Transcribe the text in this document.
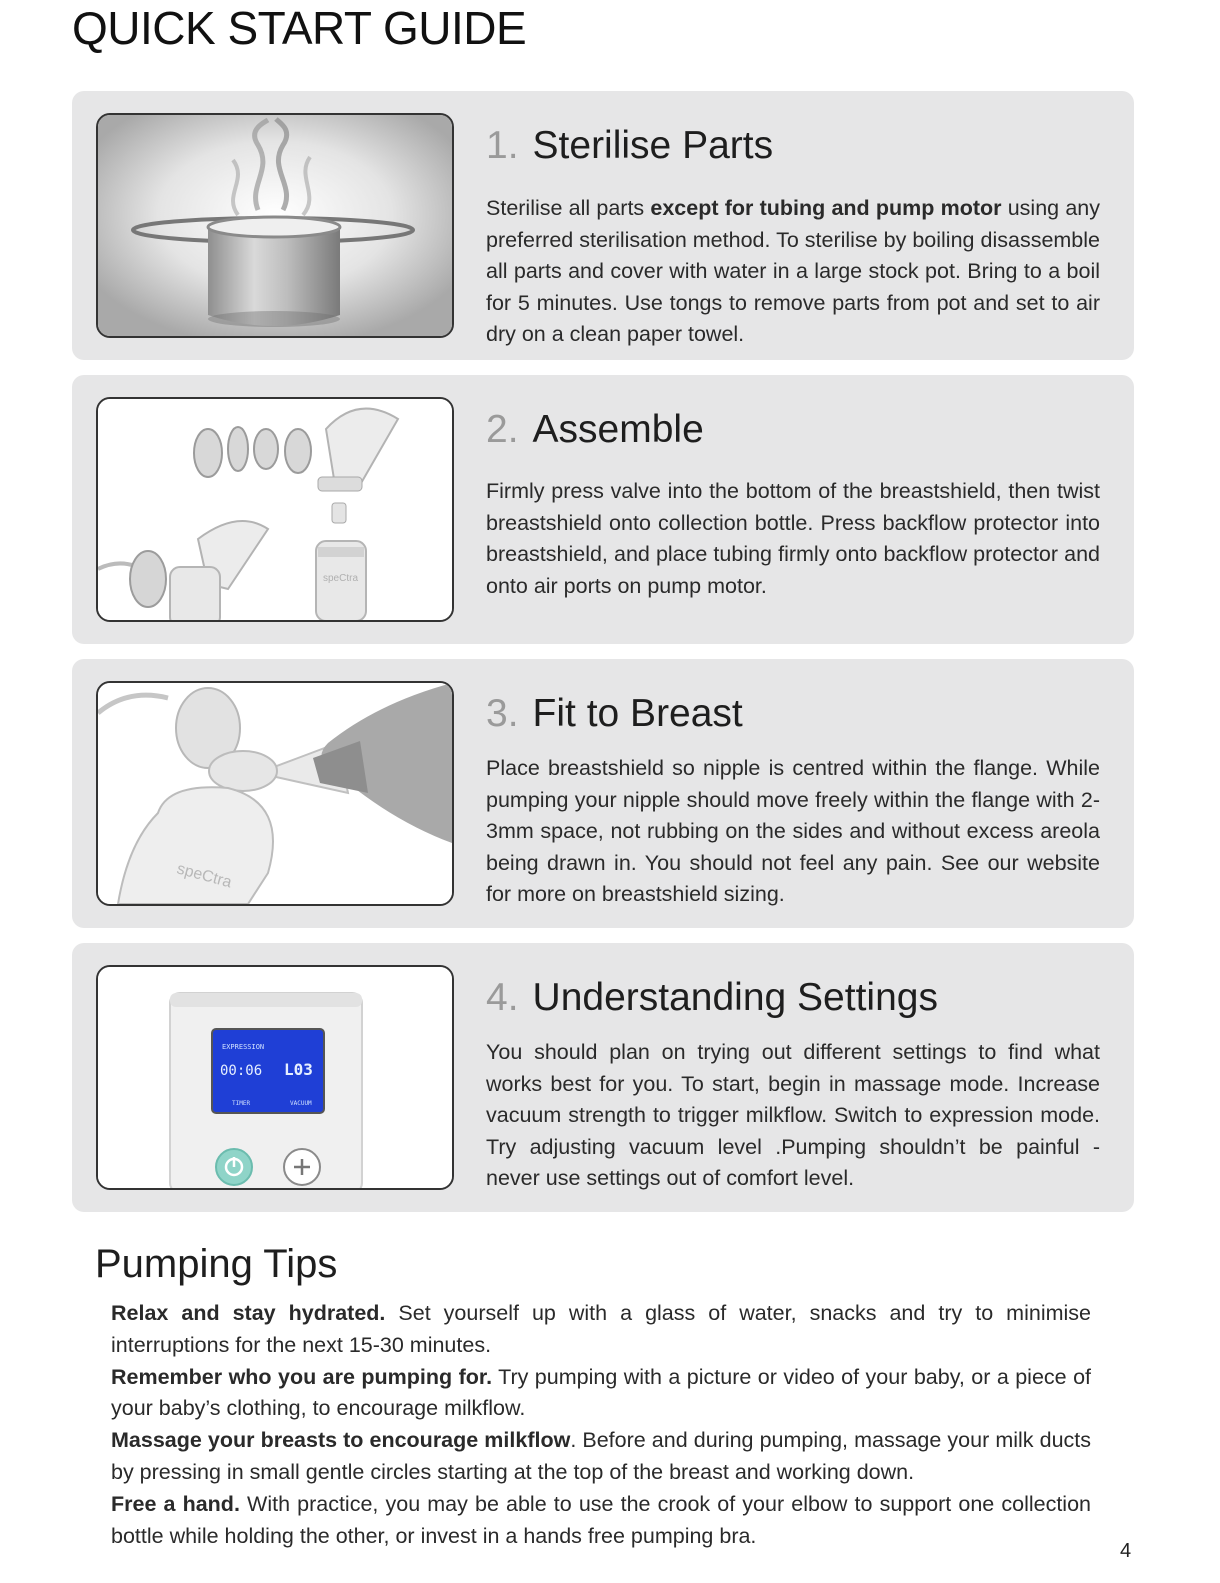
QUICK START GUIDE
1. Sterilise Parts

Sterilise all parts except for tubing and pump motor using any preferred sterilisation method. To sterilise by boiling disassemble all parts and cover with water in a large stock pot. Bring to a boil for 5 minutes. Use tongs to remove parts from pot and set to air dry on a clean paper towel.

speCtra
2. Assemble

Firmly press valve into the bottom of the breastshield, then twist breastshield onto collection bottle. Press backflow protector into breastshield, and place tubing firmly onto backflow protector and onto air ports on pump motor.

speCtra
3. Fit to Breast

Place breastshield so nipple is centred within the flange. While pumping your nipple should move freely within the flange with 2-3mm space, not rubbing on the sides and without excess areola being drawn in. You should not feel any pain. See our website for more on breastshield sizing.

EXPRESSION
00:06 L03
TIMER	VACUUM
4. Understanding Settings

You should plan on trying out different settings to find what works best for you. To start, begin in massage mode. Increase vacuum strength to trigger milkflow. Switch to expression mode. Try adjusting vacuum level .Pumping shouldn’t be painful - never use settings out of comfort level.

Pumping Tips

Relax and stay hydrated. Set yourself up with a glass of water, snacks and try to minimise interruptions for the next 15-30 minutes.

Remember who you are pumping for. Try pumping with a picture or video of your baby, or a piece of your baby’s clothing, to encourage milkflow.

Massage your breasts to encourage milkflow. Before and during pumping, massage your milk ducts by pressing in small gentle circles starting at the top of the breast and working down.

Free a hand. With practice, you may be able to use the crook of your elbow to support one collection bottle while holding the other, or invest in a hands free pumping bra.

4
